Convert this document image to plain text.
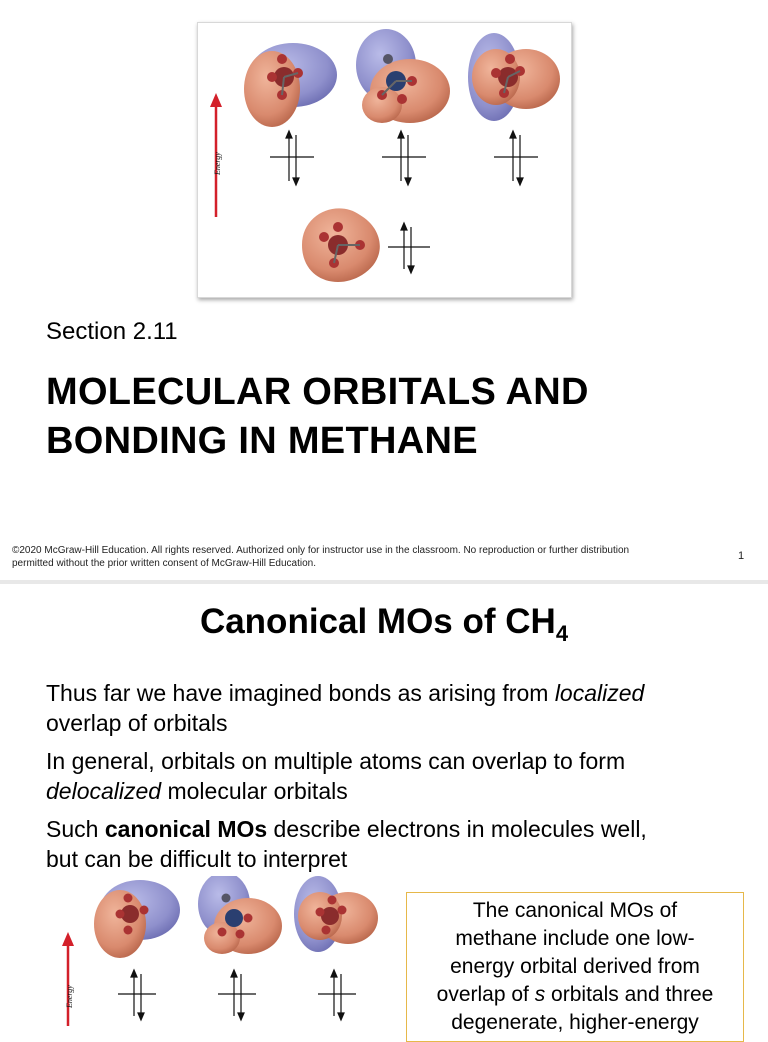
Energy
Section 2.11
MOLECULAR ORBITALS AND
BONDING IN METHANE
©2020 McGraw-Hill Education. All rights reserved. Authorized only for instructor use in the classroom. No reproduction or further distribution
permitted without the prior written consent of McGraw-Hill Education.
1
Canonical MOs of $CH_4$
Thus far we have imagined bonds as arising from localized
overlap of orbitals
In general, orbitals on multiple atoms can overlap to form
delocalized molecular orbitals
Such canonical MOs describe electrons in molecules well,
but can be difficult to interpret
Energy
The canonical MOs of
methane include one low-
energy orbital derived from
overlap of s orbitals and three
degenerate, higher-energy
